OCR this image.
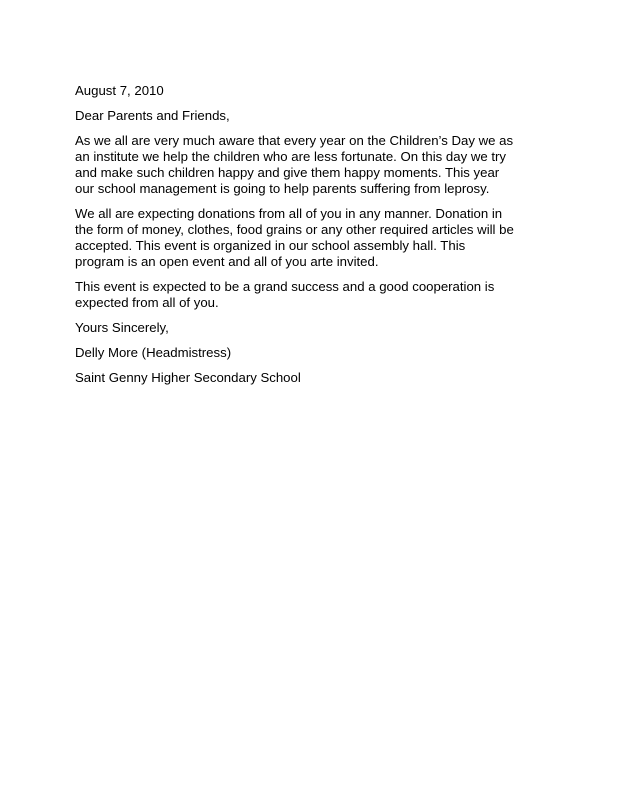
August 7, 2010

Dear Parents and Friends,

As we all are very much aware that every year on the Children’s Day we as

an institute we help the children who are less fortunate. On this day we try

and make such children happy and give them happy moments. This year

our school management is going to help parents suffering from leprosy.

We all are expecting donations from all of you in any manner. Donation in

the form of money, clothes, food grains or any other required articles will be

accepted. This event is organized in our school assembly hall. This

program is an open event and all of you arte invited.

This event is expected to be a grand success and a good cooperation is

expected from all of you.

Yours Sincerely,

Delly More (Headmistress)

Saint Genny Higher Secondary School
